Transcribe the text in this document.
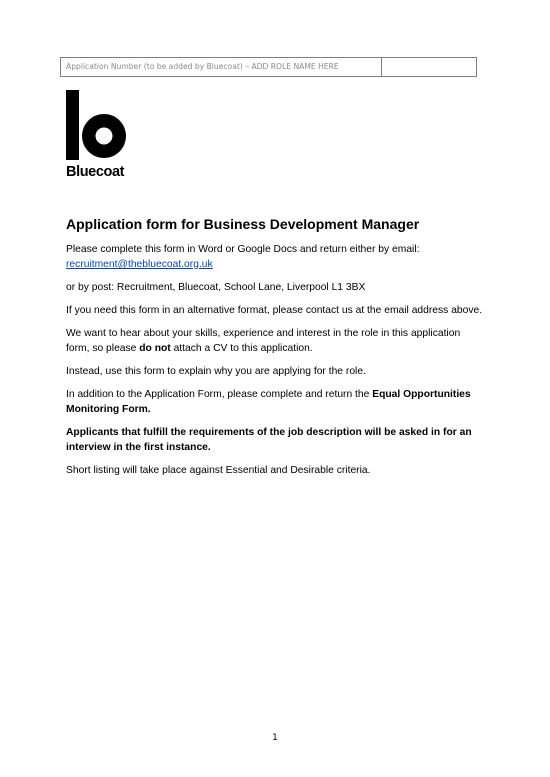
Application Number (to be added by Bluecoat) – ADD ROLE NAME HERE
Bluecoat
Application form for Business Development Manager

Please complete this form in Word or Google Docs and return either by email: recruitment@thebluecoat.org.uk

or by post: Recruitment, Bluecoat, School Lane, Liverpool L1 3BX

If you need this form in an alternative format, please contact us at the email address above.

We want to hear about your skills, experience and interest in the role in this application form, so please do not attach a CV to this application.

Instead, use this form to explain why you are applying for the role.

In addition to the Application Form, please complete and return the Equal Opportunities Monitoring Form.

Applicants that fulfill the requirements of the job description will be asked in for an interview in the first instance.

Short listing will take place against Essential and Desirable criteria.

1
